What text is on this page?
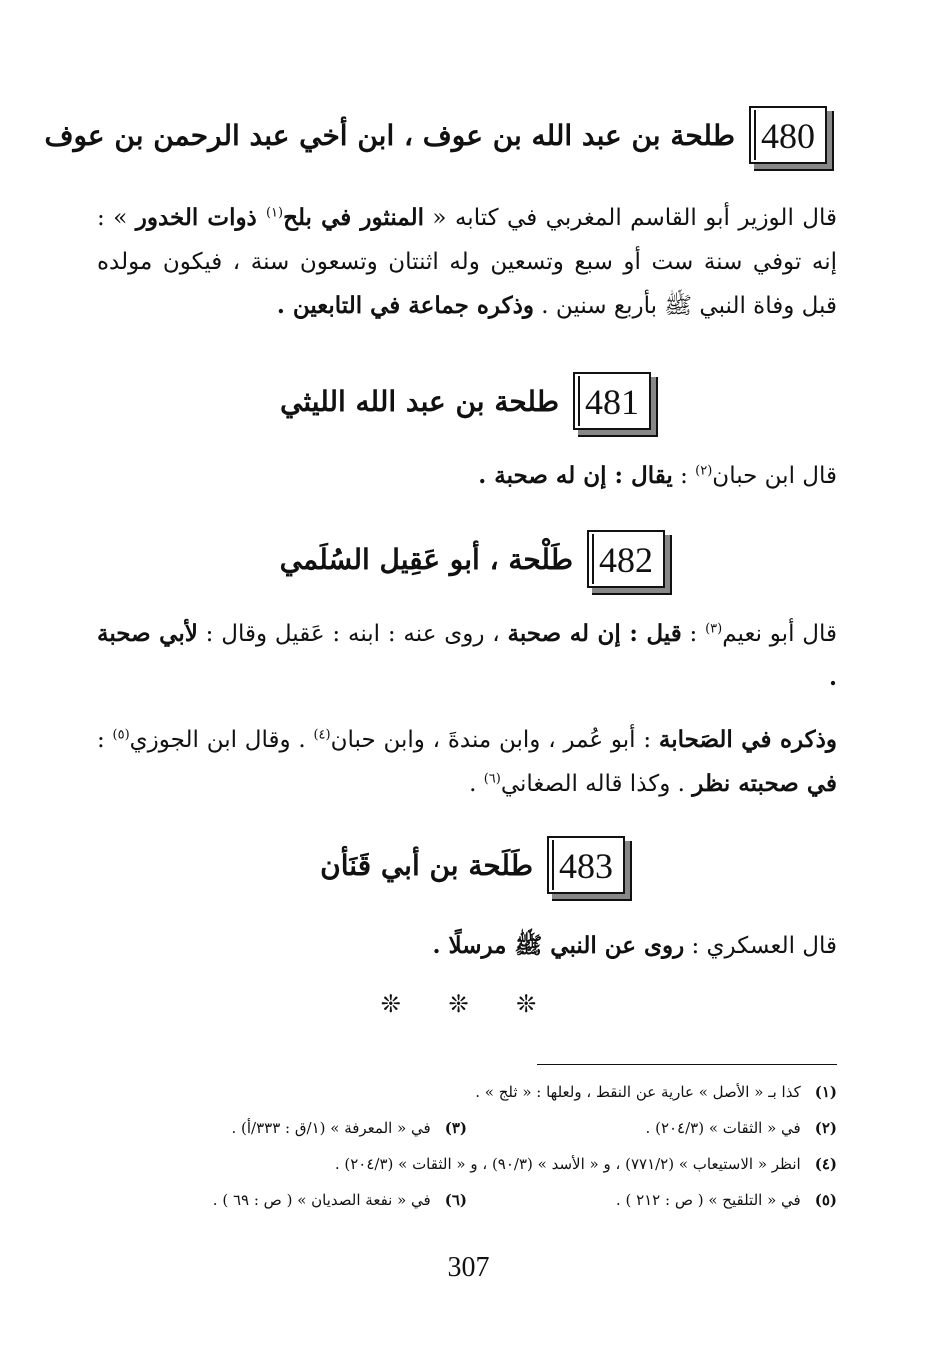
480
طلحة بن عبد الله بن عوف ، ابن أخي عبد الرحمن بن عوف

قال الوزير أبو القاسم المغربي في كتابه « المنثور في بلح$^{(١)}$ ذوات الخدور » : إنه توفي سنة ست أو سبع وتسعين وله اثنتان وتسعون سنة ، فيكون مولده قبل وفاة النبي ﷺ بأربع سنين . وذكره جماعة في التابعين .

481
طلحة بن عبد الله الليثي

قال ابن حبان$^{(٢)}$ : يقال : إن له صحبة .

482
طَلْحة ، أبو عَقِيل السُلَمي

قال أبو نعيم$^{(٣)}$ : قيل : إن له صحبة ، روى عنه : ابنه : عَقيل وقال : لأبي صحبة .

وذكره في الصَحابة : أبو عُمر ، وابن مندةَ ، وابن حبان$^{(٤)}$ . وقال ابن الجوزي$^{(٥)}$ : في صحبته نظر . وكذا قاله الصغاني$^{(٦)}$ .

483
طَلَحة بن أبي قَنَأن

قال العسكري : روى عن النبي ﷺ مرسلًا .

❊ ❊ ❊
(١)
كذا بـ « الأصل » عارية عن النقط ، ولعلها : « ثلج » .
(٢)
في « الثقات » (٢٠٤/٣) .
(٣)
في « المعرفة » (١/ق : ٣٣٣/أ) .
(٤)
انظر « الاستيعاب » (٧٧١/٢) ، و « الأسد » (٩٠/٣) ، و « الثقات » (٢٠٤/٣) .
(٥)
في « التلقيح » ( ص : ٢١٢ ) .
(٦)
في « نفعة الصديان » ( ص : ٦٩ ) .
307
